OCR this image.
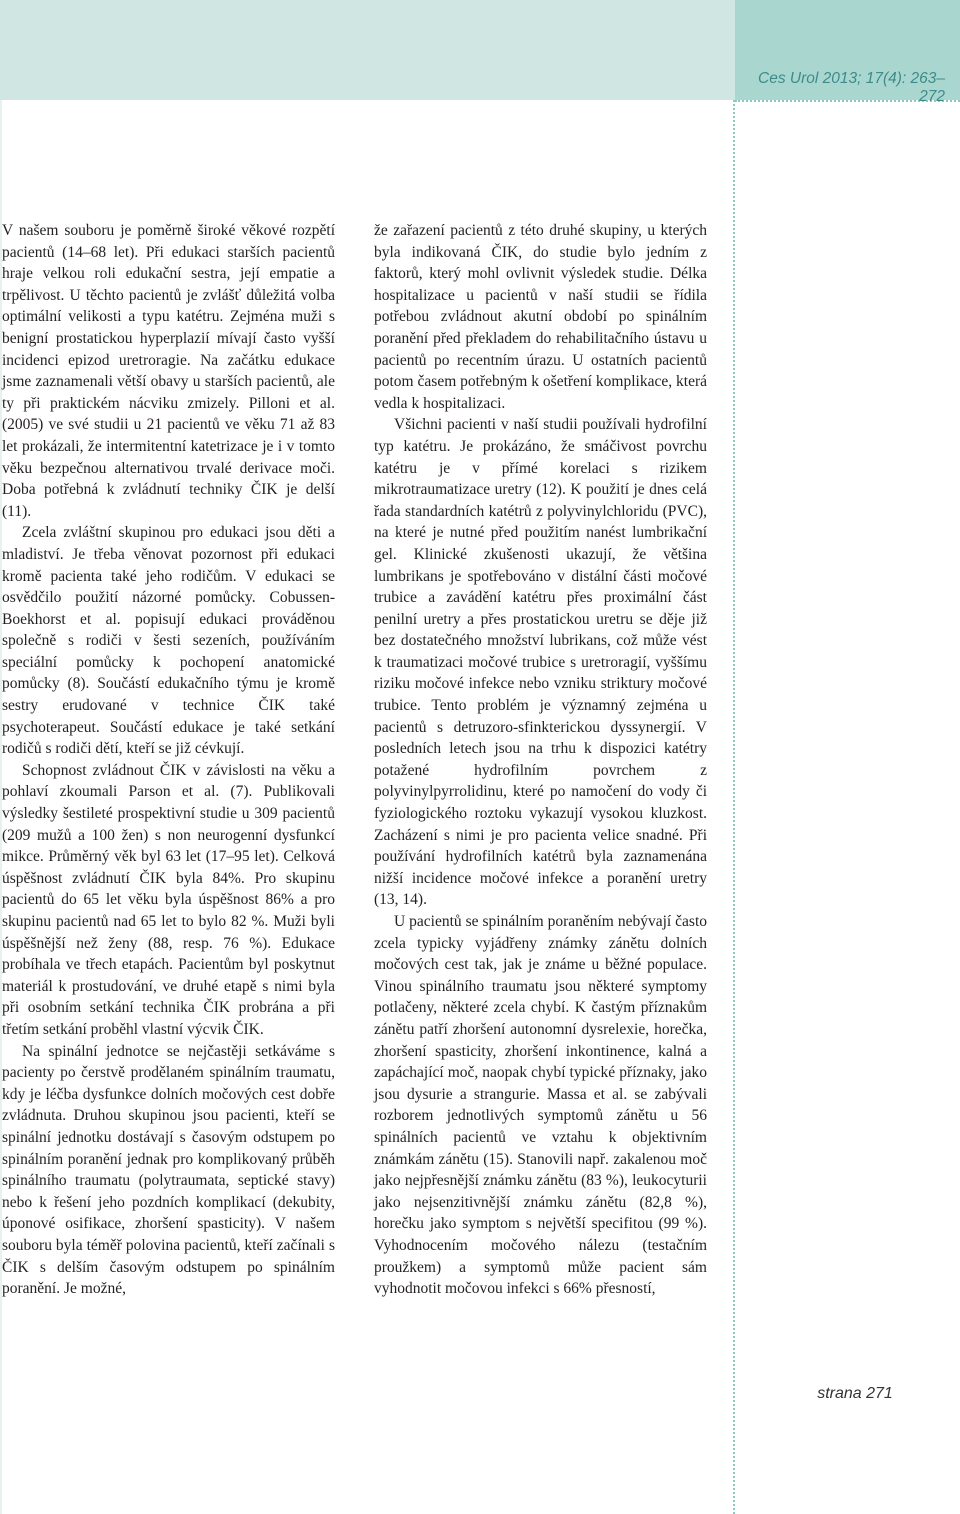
Ces Urol 2013; 17(4): 263–272

V našem souboru je poměrně široké věkové rozpětí pacientů (14–68 let). Při edukaci starších pacientů hraje velkou roli edukační sestra, její empatie a trpělivost. U těchto pacientů je zvlášť důležitá volba optimální velikosti a typu katétru. Zejména muži s benigní prostatickou hyperplazií mívají často vyšší incidenci epizod uretroragie. Na začátku edukace jsme zaznamenali větší obavy u starších pacientů, ale ty při praktickém nácviku zmizely. Pilloni et al. (2005) ve své studii u 21 pacientů ve věku 71 až 83 let prokázali, že intermitentní katetrizace je i v tomto věku bezpečnou alternativou trvalé derivace moči. Doba potřebná k zvládnutí techniky ČIK je delší (11).

Zcela zvláštní skupinou pro edukaci jsou děti a mladiství. Je třeba věnovat pozornost při edukaci kromě pacienta také jeho rodičům. V edukaci se osvědčilo použití názorné pomůcky. Cobussen-Boekhorst et al. popisují edukaci prováděnou společně s rodiči v šesti sezeních, používáním speciální pomůcky k pochopení anatomické pomůcky (8). Součástí edukačního týmu je kromě sestry erudované v technice ČIK také psychoterapeut. Součástí edukace je také setkání rodičů s rodiči dětí, kteří se již cévkují.

Schopnost zvládnout ČIK v závislosti na věku a pohlaví zkoumali Parson et al. (7). Publikovali výsledky šestileté prospektivní studie u 309 pacientů (209 mužů a 100 žen) s non neurogenní dysfunkcí mikce. Průměrný věk byl 63 let (17–95 let). Celková úspěšnost zvládnutí ČIK byla 84%. Pro skupinu pacientů do 65 let věku byla úspěšnost 86% a pro skupinu pacientů nad 65 let to bylo 82 %. Muži byli úspěšnější než ženy (88, resp. 76 %). Edukace probíhala ve třech etapách. Pacientům byl poskytnut materiál k prostudování, ve druhé etapě s nimi byla při osobním setkání technika ČIK probrána a při třetím setkání proběhl vlastní výcvik ČIK.

Na spinální jednotce se nejčastěji setkáváme s pacienty po čerstvě prodělaném spinálním traumatu, kdy je léčba dysfunkce dolních močových cest dobře zvládnuta. Druhou skupinou jsou pacienti, kteří se spinální jednotku dostávají s časovým odstupem po spinálním poranění jednak pro komplikovaný průběh spinálního traumatu (polytraumata, septické stavy) nebo k řešení jeho pozdních komplikací (dekubity, úponové osifikace, zhoršení spasticity). V našem souboru byla téměř polovina pacientů, kteří začínali s ČIK s delším časovým odstupem po spinálním poranění. Je možné,

že zařazení pacientů z této druhé skupiny, u kterých byla indikovaná ČIK, do studie bylo jedním z faktorů, který mohl ovlivnit výsledek studie. Délka hospitalizace u pacientů v naší studii se řídila potřebou zvládnout akutní období po spinálním poranění před překladem do rehabilitačního ústavu u pacientů po recentním úrazu. U ostatních pacientů potom časem potřebným k ošetření komplikace, která vedla k hospitalizaci.

Všichni pacienti v naší studii používali hydrofilní typ katétru. Je prokázáno, že smáčivost povrchu katétru je v přímé korelaci s rizikem mikrotraumatizace uretry (12). K použití je dnes celá řada standardních katétrů z polyvinylchloridu (PVC), na které je nutné před použitím nanést lumbrikační gel. Klinické zkušenosti ukazují, že většina lumbrikans je spotřebováno v distální části močové trubice a zavádění katétru přes proximální část penilní uretry a přes prostatickou uretru se děje již bez dostatečného množství lubrikans, což může vést k traumatizaci močové trubice s uretroragií, vyššímu riziku močové infekce nebo vzniku striktury močové trubice. Tento problém je významný zejména u pacientů s detruzoro-sfinkterickou dyssynergií. V posledních letech jsou na trhu k dispozici katétry potažené hydrofilním povrchem z polyvinylpyrrolidinu, které po namočení do vody či fyziologického roztoku vykazují vysokou kluzkost. Zacházení s nimi je pro pacienta velice snadné. Při používání hydrofilních katétrů byla zaznamenána nižší incidence močové infekce a poranění uretry (13, 14).

U pacientů se spinálním poraněním nebývají často zcela typicky vyjádřeny známky zánětu dolních močových cest tak, jak je známe u běžné populace. Vinou spinálního traumatu jsou některé symptomy potlačeny, některé zcela chybí. K častým příznakům zánětu patří zhoršení autonomní dysrelexie, horečka, zhoršení spasticity, zhoršení inkontinence, kalná a zapáchající moč, naopak chybí typické příznaky, jako jsou dysurie a strangurie. Massa et al. se zabývali rozborem jednotlivých symptomů zánětu u 56 spinálních pacientů ve vztahu k objektivním známkám zánětu (15). Stanovili např. zakalenou moč jako nejpřesnější známku zánětu (83 %), leukocyturii jako nejsenzitivnější známku zánětu (82,8 %), horečku jako symptom s největší specifitou (99 %). Vyhodnocením močového nálezu (testačním proužkem) a symptomů může pacient sám vyhodnotit močovou infekci s 66% přesností,

strana 271
